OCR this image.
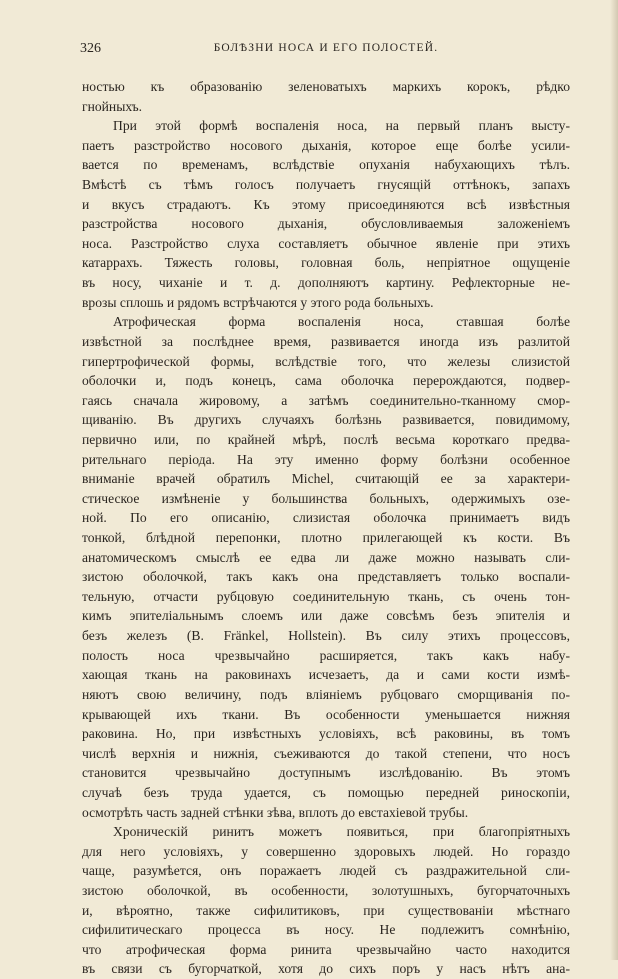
326	БОЛѢЗНИ НОСА И ЕГО ПОЛОСТЕЙ.
ностью къ образованію зеленоватыхъ маркихъ корокъ, рѣдко
гнойныхъ.
При этой формѣ воспаленія носа, на первый планъ высту-
паетъ разстройство носового дыханія, которое еще болѣе усили-
вается по временамъ, вслѣдствіе опуханія набухающихъ тѣлъ.
Вмѣстѣ съ тѣмъ голосъ получаетъ гнусящій оттѣнокъ, запахъ
и вкусъ страдаютъ. Къ этому присоединяются всѣ извѣстныя
разстройства носового дыханія, обусловливаемыя заложеніемъ
носа. Разстройство слуха составляетъ обычное явленіе при этихъ
катаррахъ. Тяжесть головы, головная боль, непріятное ощущеніе
въ носу, чиханіе и т. д. дополняютъ картину. Рефлекторные не-
врозы сплошь и рядомъ встрѣчаются у этого рода больныхъ.
Атрофическая форма воспаленія носа, ставшая болѣе
извѣстной за послѣднее время, развивается иногда изъ разлитой
гипертрофической формы, вслѣдствіе того, что железы слизистой
оболочки и, подъ конецъ, сама оболочка перерождаются, подвер-
гаясь сначала жировому, а затѣмъ соединительно-тканному смор-
щиванію. Въ другихъ случаяхъ болѣзнь развивается, повидимому,
первично или, по крайней мѣрѣ, послѣ весьма короткаго предва-
рительнаго періода. На эту именно форму болѣзни особенное
вниманіе врачей обратилъ Michel, считающій ее за характери-
стическое измѣненіе у большинства больныхъ, одержимыхъ озе-
ной. По его описанію, слизистая оболочка принимаетъ видъ
тонкой, блѣдной перепонки, плотно прилегающей къ кости. Въ
анатомическомъ смыслѣ ее едва ли даже можно называть сли-
зистою оболочкой, такъ какъ она представляетъ только воспали-
тельную, отчасти рубцовую соединительную ткань, съ очень тон-
кимъ эпителіальнымъ слоемъ или даже совсѣмъ безъ эпителія и
безъ железъ (B. Fränkel, Hollstein). Въ силу этихъ процессовъ,
полость носа чрезвычайно расширяется, такъ какъ набу-
хающая ткань на раковинахъ исчезаетъ, да и сами кости измѣ-
няютъ свою величину, подъ вліяніемъ рубцоваго сморщиванія по-
крывающей ихъ ткани. Въ особенности уменьшается нижняя
раковина. Но, при извѣстныхъ условіяхъ, всѣ раковины, въ томъ
числѣ верхнія и нижнія, съеживаются до такой степени, что носъ
становится чрезвычайно доступнымъ изслѣдованію. Въ этомъ
случаѣ безъ труда удается, съ помощью передней риноскопіи,
осмотрѣть часть задней стѣнки зѣва, вплоть до евстахіевой трубы.
Хроническій ринитъ можетъ появиться, при благопріятныхъ
для него условіяхъ, у совершенно здоровыхъ людей. Но гораздо
чаще, разумѣется, онъ поражаетъ людей съ раздражительной сли-
зистою оболочкой, въ особенности, золотушныхъ, бугорчаточныхъ
и, вѣроятно, также сифилитиковъ, при существованіи мѣстнаго
сифилитическаго процесса въ носу. Не подлежитъ сомнѣнію,
что атрофическая форма ринита чрезвычайно часто находится
въ связи съ бугорчаткой, хотя до сихъ поръ у насъ нѣтъ ана-
